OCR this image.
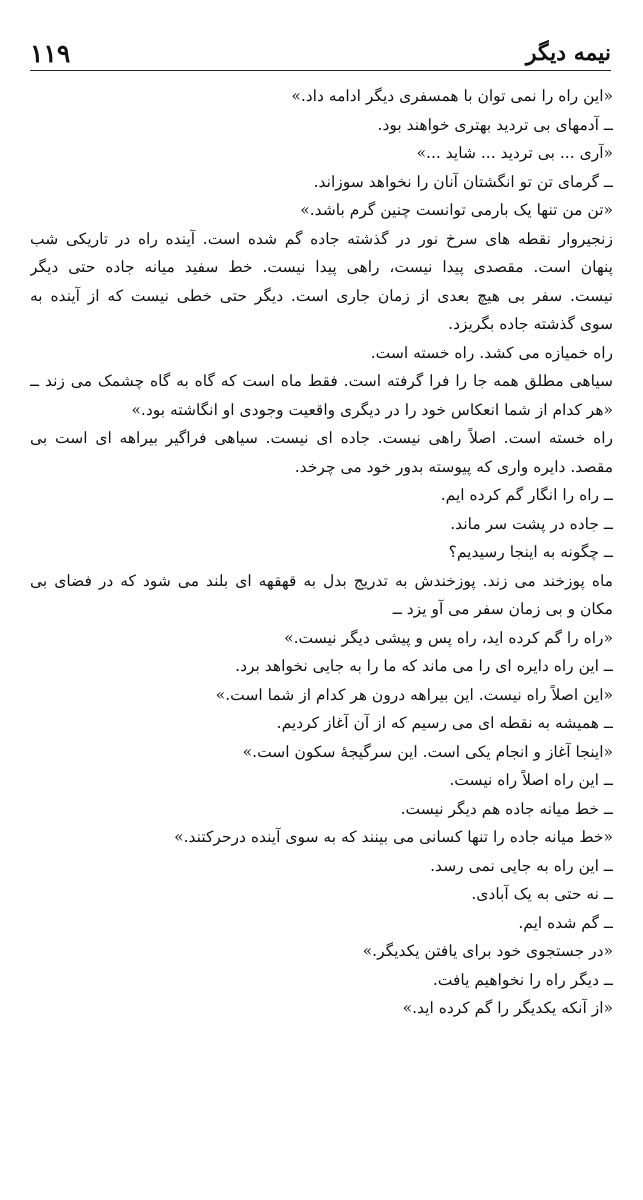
۱۱۹	نیمه دیگر
«این راه را نمی توان با همسفری دیگر ادامه داد.»
ــ آدمهای بی تردید بهتری خواهند بود.
«آری ... بی تردید ... شاید ...»
ــ گرمای تن تو انگشتان آنان را نخواهد سوزاند.
«تن من تنها یک بارمی توانست چنین گرم باشد.»
زنجیروار نقطه های سرخ نور در گذشته جاده گم شده است. آینده راه در تاریکی شب
پنهان است. مقصدی پیدا نیست، راهی پیدا نیست. خط سفید میانه جاده حتی دیگر
نیست. سفر بی هیچ بعدی از زمان جاری است. دیگر حتی خطی نیست که از آینده به
سوی گذشته جاده بگریزد.
راه خمیازه می کشد. راه خسته است.
سیاهی مطلق همه جا را فرا گرفته است. فقط ماه است که گاه به گاه چشمک می زند ــ
«هر کدام از شما انعکاس خود را در دیگری واقعیت وجودی او انگاشته بود.»
راه خسته است. اصلاً راهی نیست. جاده ای نیست. سیاهی فراگیر بیراهه ای است بی
مقصد. دایره واری که پیوسته بدور خود می چرخد.
ــ راه را انگار گم کرده ایم.
ــ جاده در پشت سر ماند.
ــ چگونه به اینجا رسیدیم؟
ماه پوزخند می زند. پوزخندش به تدریج بدل به قهقهه ای بلند می شود که در فضای بی
مکان و بی زمان سفر می آو یزد ــ
«راه را گم کرده اید، راه پس و پیشی دیگر نیست.»
ــ این راه دایره ای را می ماند که ما را به جایی نخواهد برد.
«این اصلاً راه نیست. این بیراهه درون هر کدام از شما است.»
ــ همیشه به نقطه ای می رسیم که از آن آغاز کردیم.
«اینجا آغاز و انجام یکی است. این سرگیجهٔ سکون است.»
ــ این راه اصلاً راه نیست.
ــ خط میانه جاده هم دیگر نیست.
«خط میانه جاده را تنها کسانی می بینند که به سوی آینده درحرکتند.»
ــ این راه به جایی نمی رسد.
ــ نه حتی به یک آبادی.
ــ گم شده ایم.
«در جستجوی خود برای یافتن یکدیگر.»
ــ دیگر راه را نخواهیم یافت.
«از آنکه یکدیگر را گم کرده اید.»
